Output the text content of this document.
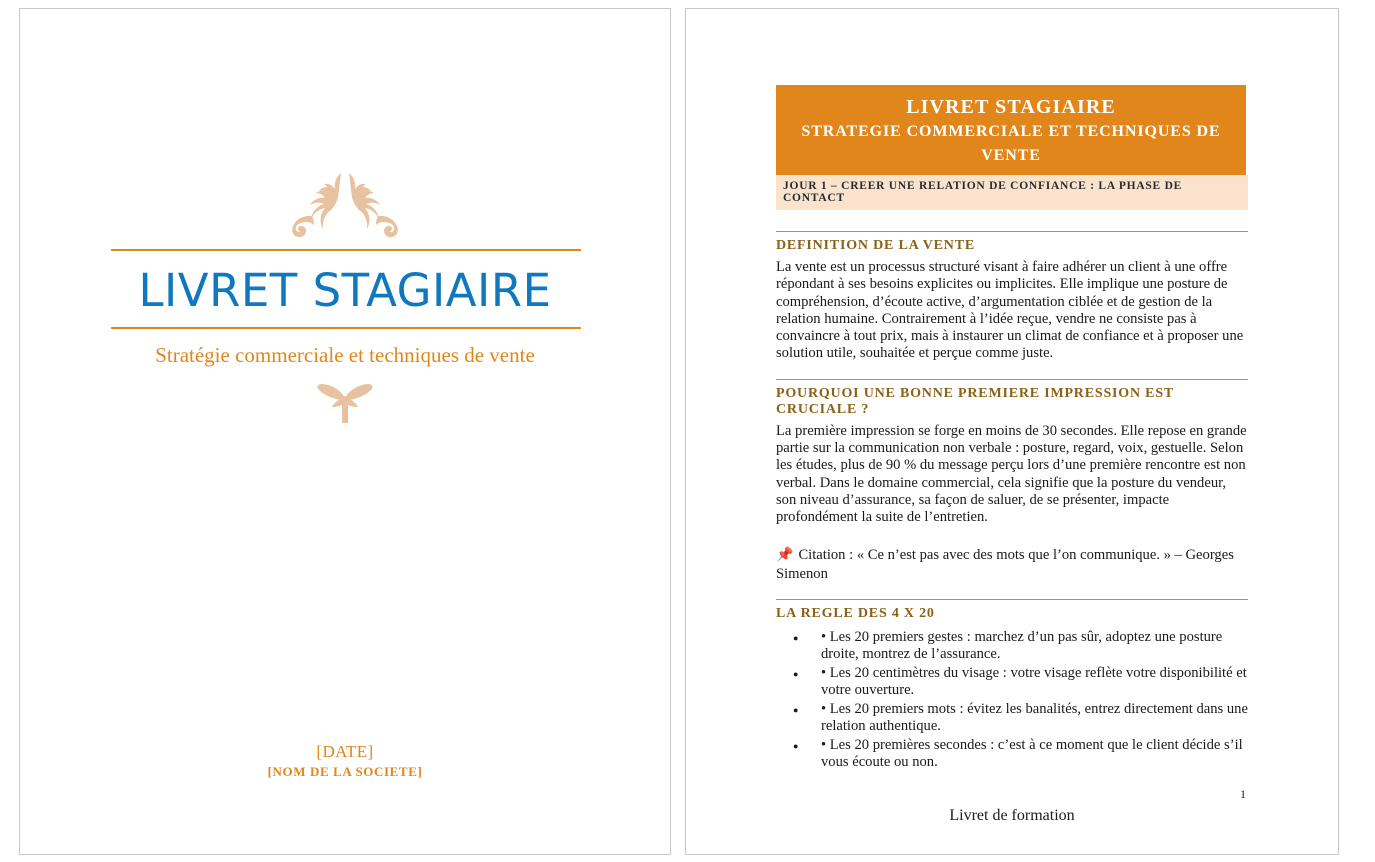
LIVRET STAGIAIRE
Stratégie commerciale et techniques de vente
[DATE]
[NOM DE LA SOCIETE]
LIVRET STAGIAIRE
STRATEGIE COMMERCIALE ET TECHNIQUES DE VENTE
JOUR 1 – CREER UNE RELATION DE CONFIANCE : LA PHASE DE CONTACT
DEFINITION DE LA VENTE

La vente est un processus structuré visant à faire adhérer un client à une offre répondant à ses besoins explicites ou implicites. Elle implique une posture de compréhension, d’écoute active, d’argumentation ciblée et de gestion de la relation humaine. Contrairement à l’idée reçue, vendre ne consiste pas à convaincre à tout prix, mais à instaurer un climat de confiance et à proposer une solution utile, souhaitée et perçue comme juste.

POURQUOI UNE BONNE PREMIERE IMPRESSION EST CRUCIALE ?

La première impression se forge en moins de 30 secondes. Elle repose en grande partie sur la communication non verbale : posture, regard, voix, gestuelle. Selon les études, plus de 90 % du message perçu lors d’une première rencontre est non verbal. Dans le domaine commercial, cela signifie que la posture du vendeur, son niveau d’assurance, sa façon de saluer, de se présenter, impacte profondément la suite de l’entretien.

📌 Citation : « Ce n’est pas avec des mots que l’on communique. » – Georges Simenon

LA REGLE DES 4 X 20
● • Les 20 premiers gestes : marchez d’un pas sûr, adoptez une posture droite, montrez de l’assurance.
● • Les 20 centimètres du visage : votre visage reflète votre disponibilité et votre ouverture.
● • Les 20 premiers mots : évitez les banalités, entrez directement dans une relation authentique.
● • Les 20 premières secondes : c’est à ce moment que le client décide s’il vous écoute ou non.
1
Livret de formation
